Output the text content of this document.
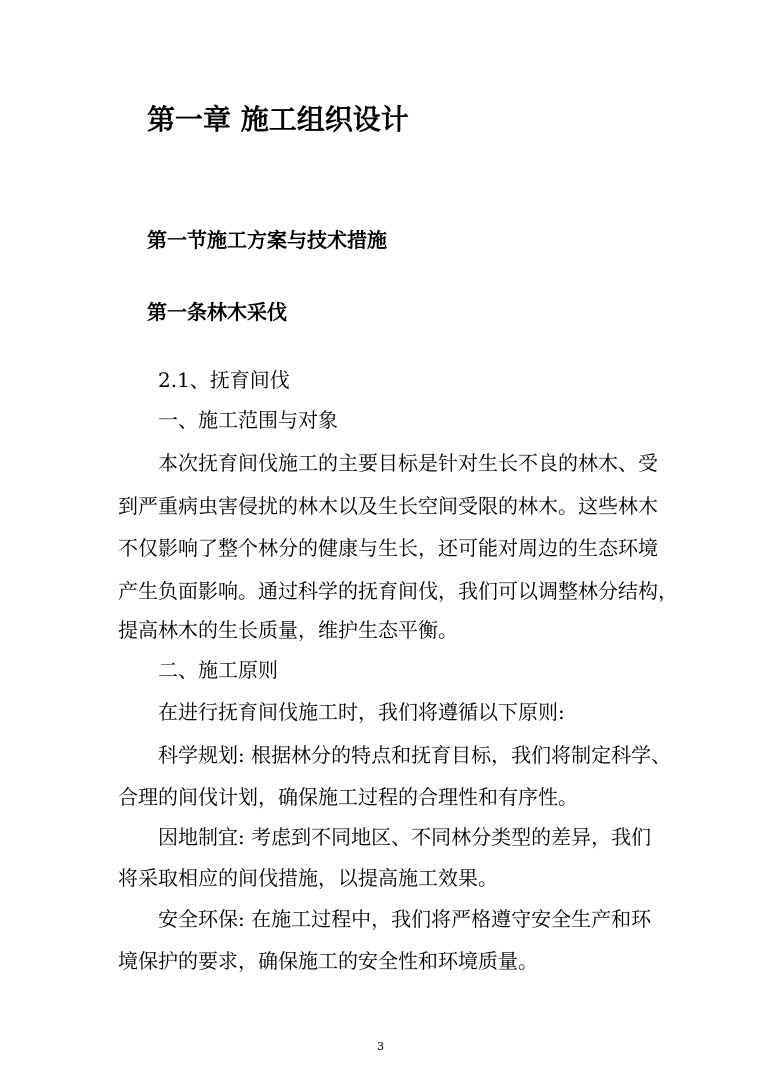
第一章 施工组织设计
第一节施工方案与技术措施
第一条林木采伐
2.1、抚育间伐
一、施工范围与对象
本次抚育间伐施工的主要目标是针对生长不良的林木、受
到严重病虫害侵扰的林木以及生长空间受限的林木。这些林木
不仅影响了整个林分的健康与生长，还可能对周边的生态环境
产生负面影响。通过科学的抚育间伐，我们可以调整林分结构，
提高林木的生长质量，维护生态平衡。
二、施工原则
在进行抚育间伐施工时，我们将遵循以下原则:
科学规划: 根据林分的特点和抚育目标，我们将制定科学、
合理的间伐计划，确保施工过程的合理性和有序性。
因地制宜: 考虑到不同地区、不同林分类型的差异，我们
将采取相应的间伐措施，以提高施工效果。
安全环保: 在施工过程中，我们将严格遵守安全生产和环
境保护的要求，确保施工的安全性和环境质量。
3
